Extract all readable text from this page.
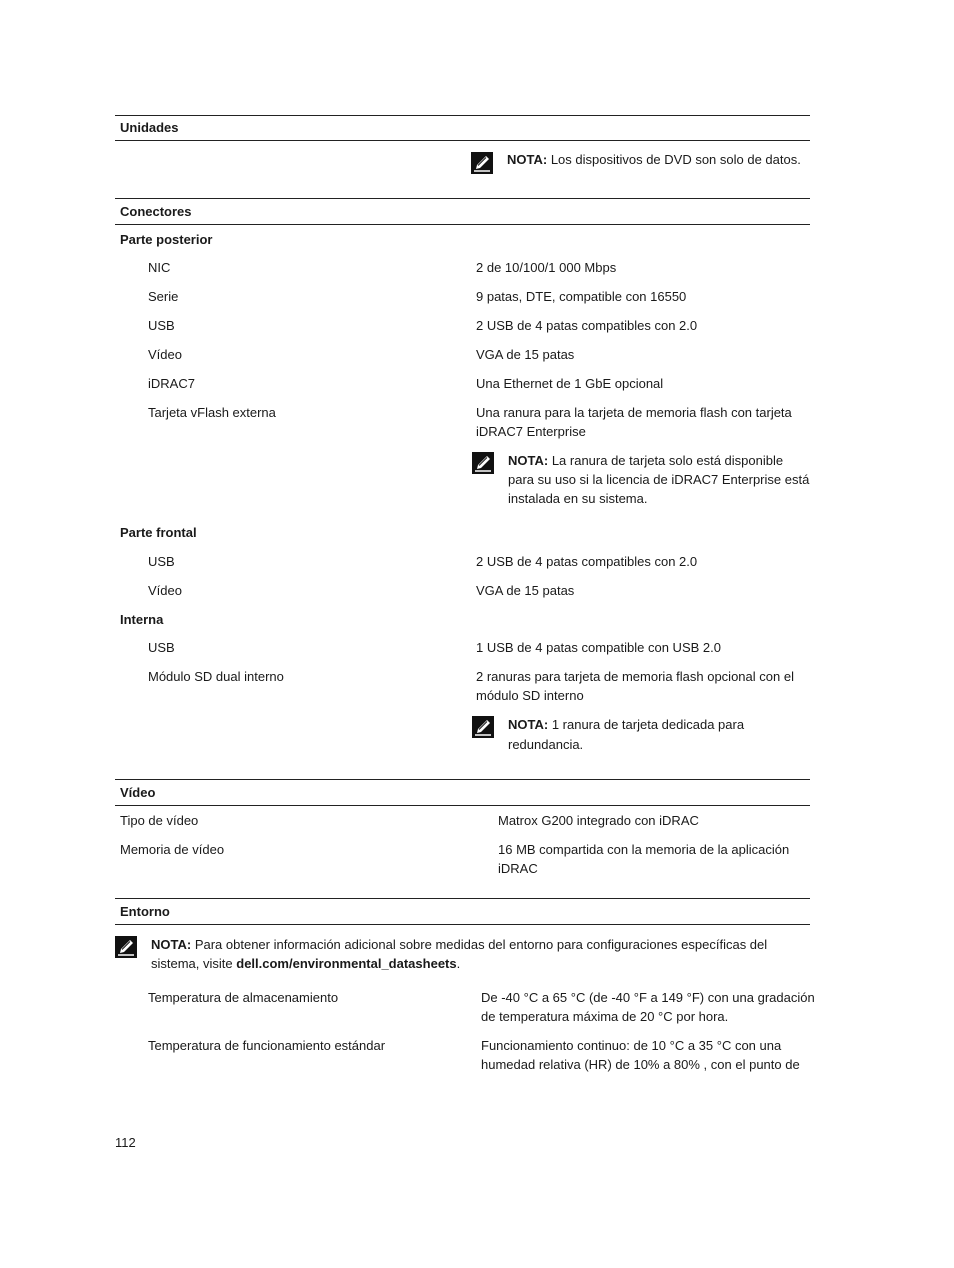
Unidades
NOTA: Los dispositivos de DVD son solo de datos.
Conectores
Parte posterior
NIC	2 de 10/100/1 000 Mbps
Serie	9 patas, DTE, compatible con 16550
USB	2 USB de 4 patas compatibles con 2.0
Vídeo	VGA de 15 patas
iDRAC7	Una Ethernet de 1 GbE opcional
Tarjeta vFlash externa	Una ranura para la tarjeta de memoria flash con tarjeta
iDRAC7 Enterprise
NOTA: La ranura de tarjeta solo está disponible
para su uso si la licencia de iDRAC7 Enterprise está
instalada en su sistema.
Parte frontal
USB	2 USB de 4 patas compatibles con 2.0
Vídeo	VGA de 15 patas
Interna
USB	1 USB de 4 patas compatible con USB 2.0
Módulo SD dual interno	2 ranuras para tarjeta de memoria flash opcional con el
módulo SD interno
NOTA: 1 ranura de tarjeta dedicada para
redundancia.
Vídeo
Tipo de vídeo	Matrox G200 integrado con iDRAC
Memoria de vídeo	16 MB compartida con la memoria de la aplicación
iDRAC
Entorno
NOTA: Para obtener información adicional sobre medidas del entorno para configuraciones específicas del
sistema, visite dell.com/environmental_datasheets.
Temperatura de almacenamiento	De -40 °C a 65 °C (de -40 °F a 149 °F) con una gradación
de temperatura máxima de 20 °C por hora.
Temperatura de funcionamiento estándar	Funcionamiento continuo: de 10 °C a 35 °C con una
humedad relativa (HR) de 10% a 80% , con el punto de
112
